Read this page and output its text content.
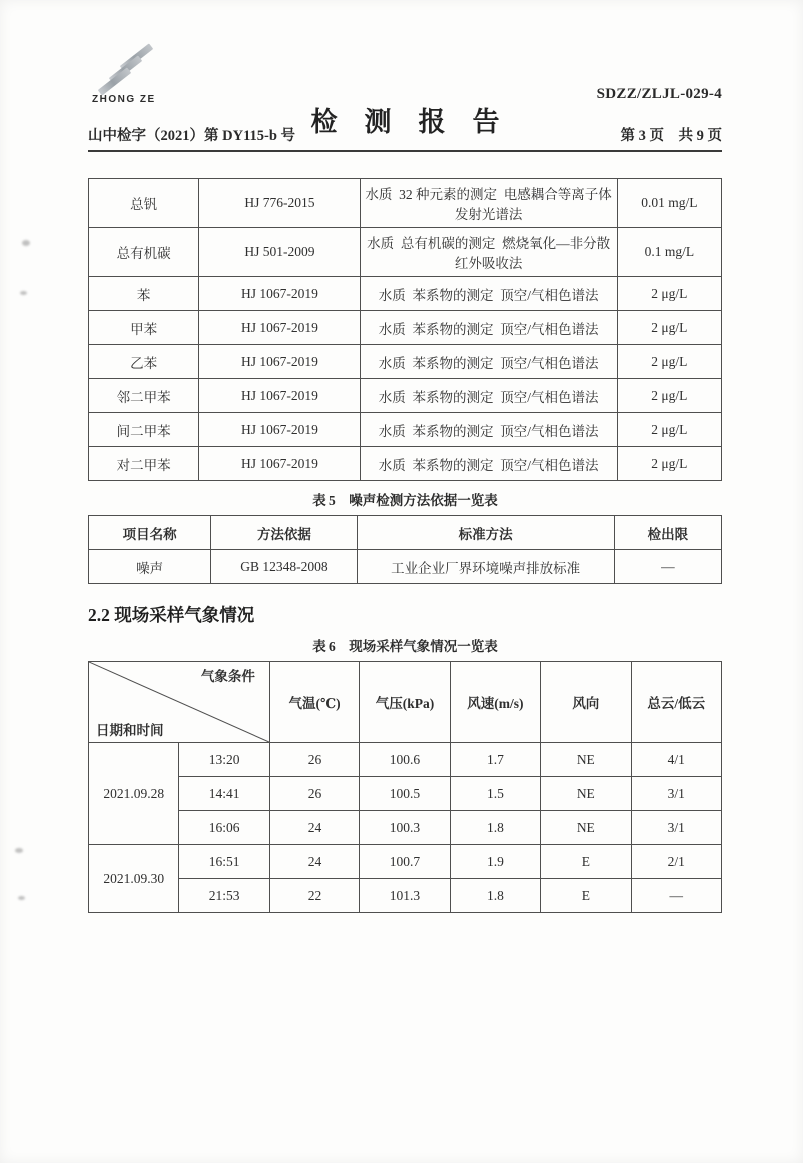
ZHONG ZE	SDZZ/ZLJL-029-4
检　测　报　告
山中检字（2021）第 DY115-b 号	第 3 页　共 9 页
总钒	HJ 776-2015	水质  32 种元素的测定  电感耦合等离子体发射光谱法	0.01 mg/L
总有机碳	HJ 501-2009	水质  总有机碳的测定  燃烧氧化—非分散红外吸收法	0.1 mg/L
苯	HJ 1067-2019	水质  苯系物的测定  顶空/气相色谱法	2 μg/L
甲苯	HJ 1067-2019	水质  苯系物的测定  顶空/气相色谱法	2 μg/L
乙苯	HJ 1067-2019	水质  苯系物的测定  顶空/气相色谱法	2 μg/L
邻二甲苯	HJ 1067-2019	水质  苯系物的测定  顶空/气相色谱法	2 μg/L
间二甲苯	HJ 1067-2019	水质  苯系物的测定  顶空/气相色谱法	2 μg/L
对二甲苯	HJ 1067-2019	水质  苯系物的测定  顶空/气相色谱法	2 μg/L
表 5　噪声检测方法依据一览表
项目名称	方法依据	标准方法	检出限
噪声	GB 12348-2008	工业企业厂界环境噪声排放标准	—
2.2 现场采样气象情况
表 6　现场采样气象情况一览表

气象条件

日期和时间		气温(℃)	气压(kPa)	风速(m/s)	风向	总云/低云
2021.09.28	13:20	26	100.6	1.7	NE	4/1
	14:41	26	100.5	1.5	NE	3/1
	16:06	24	100.3	1.8	NE	3/1
2021.09.30	16:51	24	100.7	1.9	E	2/1
	21:53	22	101.3	1.8	E	—
